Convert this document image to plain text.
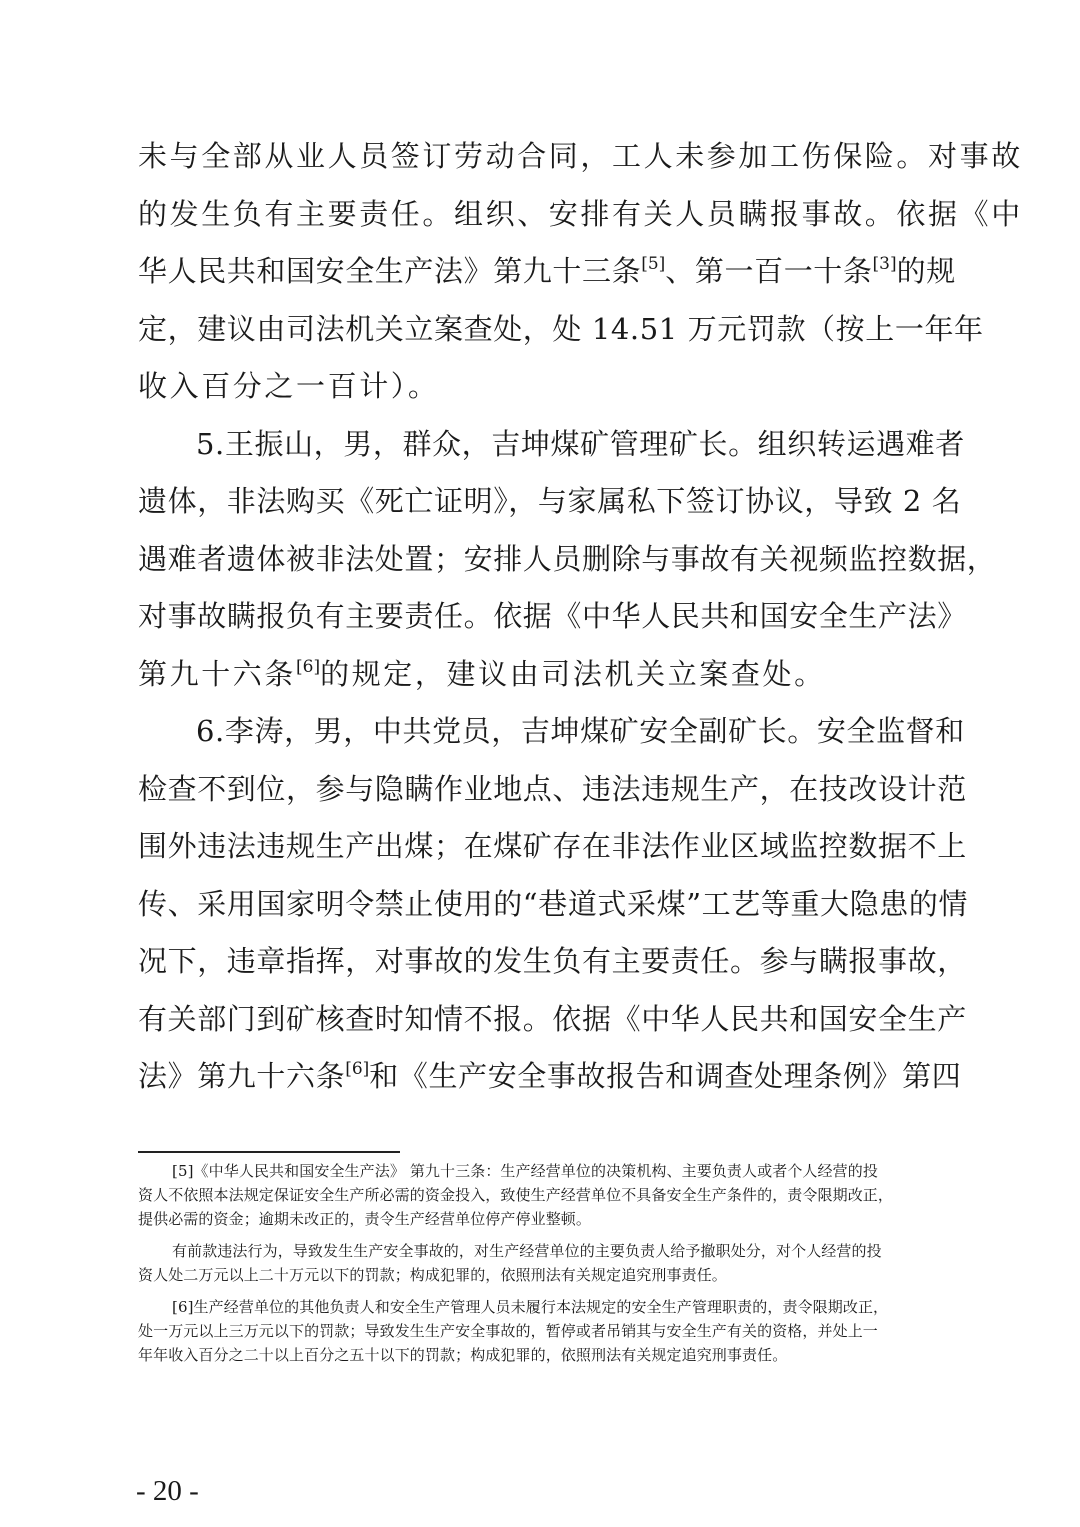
未与全部从业人员签订劳动合同，工人未参加工伤保险。对事故
的发生负有主要责任。组织、安排有关人员瞒报事故。依据《中
华人民共和国安全生产法》第九十三条[5]、第一百一十条[3]的规
定，建议由司法机关立案查处，处 14.51 万元罚款（按上一年年
收入百分之一百计）。
5.王振山，男，群众，吉坤煤矿管理矿长。组织转运遇难者
遗体，非法购买《死亡证明》，与家属私下签订协议，导致 2 名
遇难者遗体被非法处置；安排人员删除与事故有关视频监控数据，
对事故瞒报负有主要责任。依据《中华人民共和国安全生产法》
第九十六条[6]的规定，建议由司法机关立案查处。
6.李涛，男，中共党员，吉坤煤矿安全副矿长。安全监督和
检查不到位，参与隐瞒作业地点、违法违规生产，在技改设计范
围外违法违规生产出煤；在煤矿存在非法作业区域监控数据不上
传、采用国家明令禁止使用的“巷道式采煤”工艺等重大隐患的情
况下，违章指挥，对事故的发生负有主要责任。参与瞒报事故，
有关部门到矿核查时知情不报。依据《中华人民共和国安全生产
法》第九十六条[6]和《生产安全事故报告和调查处理条例》第四
[5]《中华人民共和国安全生产法》 第九十三条：生产经营单位的决策机构、主要负责人或者个人经营的投
资人不依照本法规定保证安全生产所必需的资金投入，致使生产经营单位不具备安全生产条件的，责令限期改正，
提供必需的资金；逾期未改正的，责令生产经营单位停产停业整顿。
有前款违法行为，导致发生生产安全事故的，对生产经营单位的主要负责人给予撤职处分，对个人经营的投
资人处二万元以上二十万元以下的罚款；构成犯罪的，依照刑法有关规定追究刑事责任。
[6]生产经营单位的其他负责人和安全生产管理人员未履行本法规定的安全生产管理职责的，责令限期改正，
处一万元以上三万元以下的罚款；导致发生生产安全事故的，暂停或者吊销其与安全生产有关的资格，并处上一
年年收入百分之二十以上百分之五十以下的罚款；构成犯罪的，依照刑法有关规定追究刑事责任。
- 20 -
